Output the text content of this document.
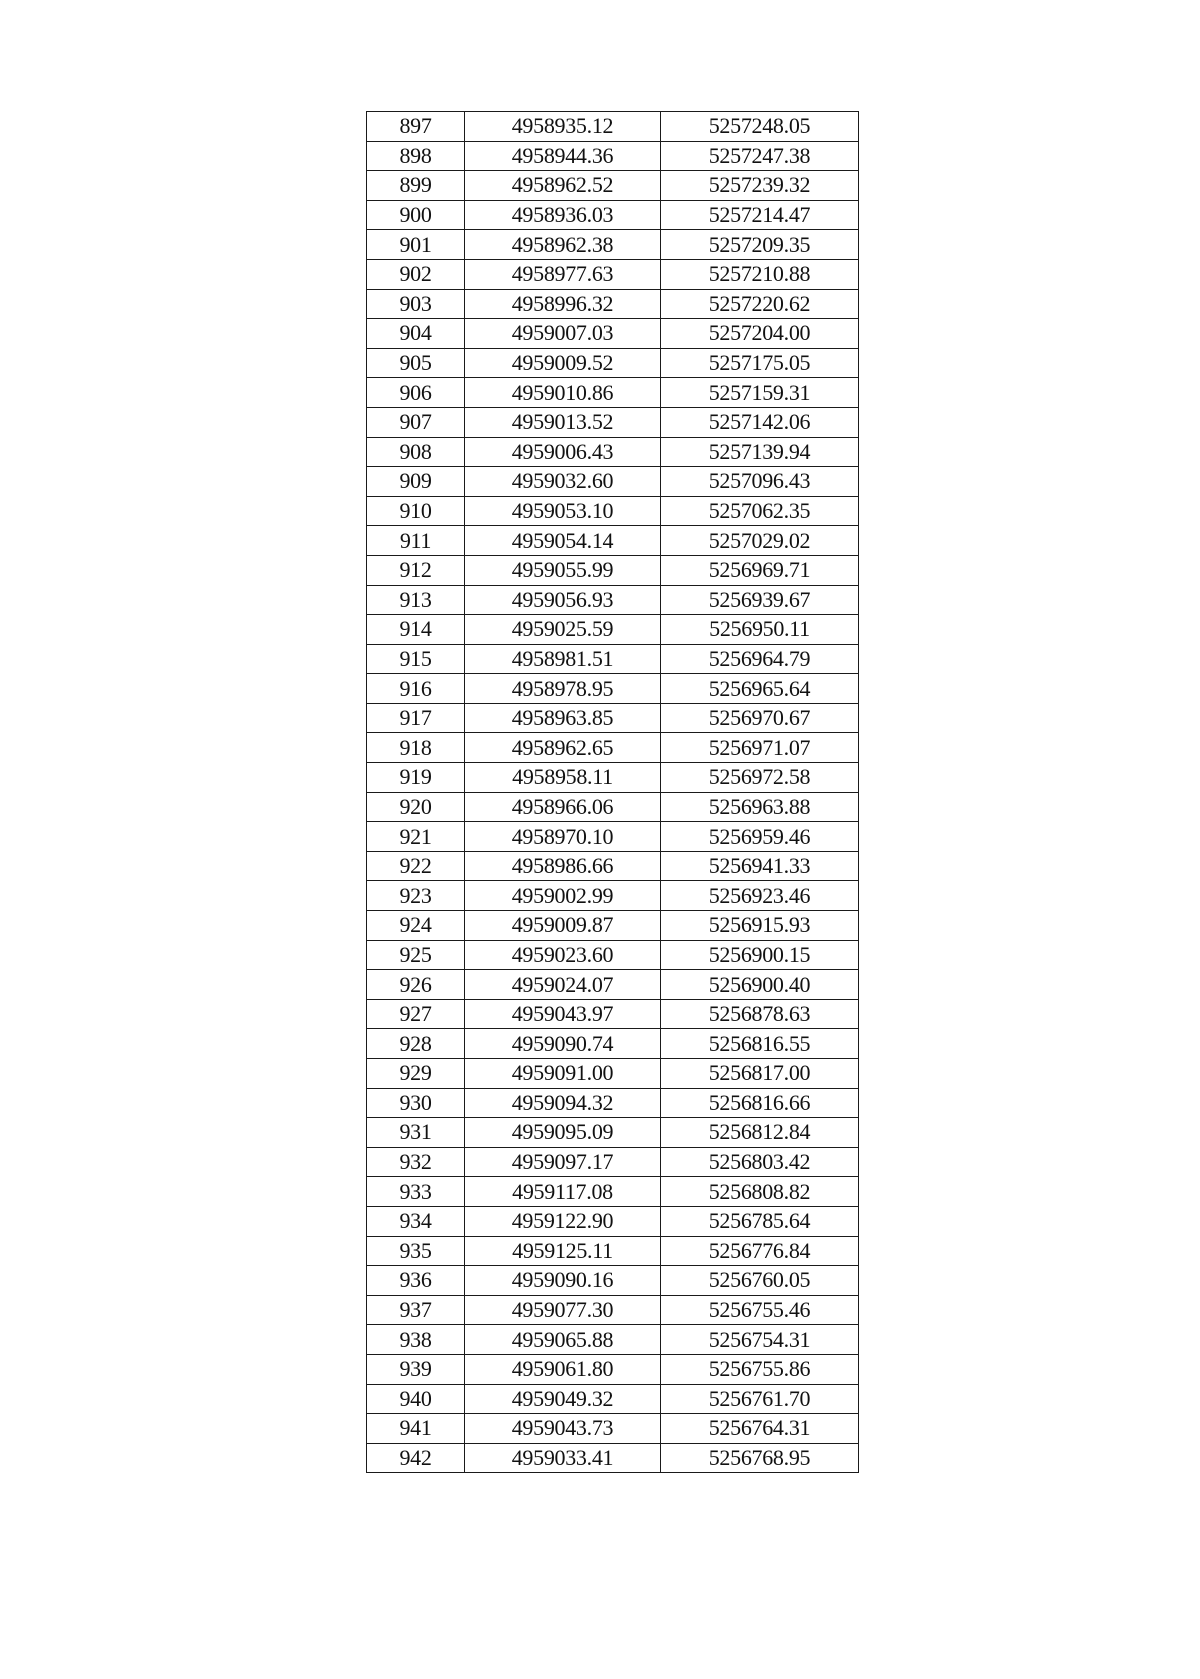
897	4958935.12	5257248.05
898	4958944.36	5257247.38
899	4958962.52	5257239.32
900	4958936.03	5257214.47
901	4958962.38	5257209.35
902	4958977.63	5257210.88
903	4958996.32	5257220.62
904	4959007.03	5257204.00
905	4959009.52	5257175.05
906	4959010.86	5257159.31
907	4959013.52	5257142.06
908	4959006.43	5257139.94
909	4959032.60	5257096.43
910	4959053.10	5257062.35
911	4959054.14	5257029.02
912	4959055.99	5256969.71
913	4959056.93	5256939.67
914	4959025.59	5256950.11
915	4958981.51	5256964.79
916	4958978.95	5256965.64
917	4958963.85	5256970.67
918	4958962.65	5256971.07
919	4958958.11	5256972.58
920	4958966.06	5256963.88
921	4958970.10	5256959.46
922	4958986.66	5256941.33
923	4959002.99	5256923.46
924	4959009.87	5256915.93
925	4959023.60	5256900.15
926	4959024.07	5256900.40
927	4959043.97	5256878.63
928	4959090.74	5256816.55
929	4959091.00	5256817.00
930	4959094.32	5256816.66
931	4959095.09	5256812.84
932	4959097.17	5256803.42
933	4959117.08	5256808.82
934	4959122.90	5256785.64
935	4959125.11	5256776.84
936	4959090.16	5256760.05
937	4959077.30	5256755.46
938	4959065.88	5256754.31
939	4959061.80	5256755.86
940	4959049.32	5256761.70
941	4959043.73	5256764.31
942	4959033.41	5256768.95
